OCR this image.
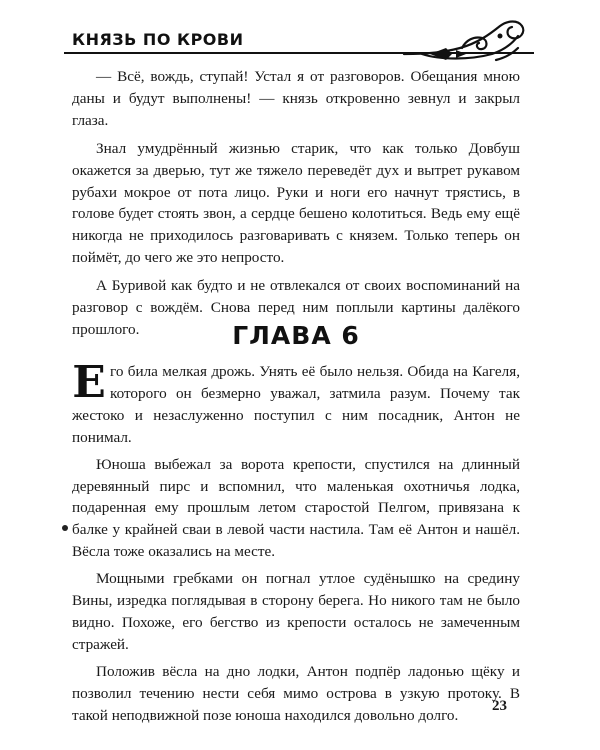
КНЯЗЬ ПО КРОВИ

— Всё, вождь, ступай! Устал я от разговоров. Обещания мною даны и будут выполнены! — князь откровенно зевнул и закрыл глаза.

Знал умудрённый жизнью старик, что как только Довбуш окажется за дверью, тут же тяжело переведёт дух и вытрет рукавом рубахи мокрое от пота лицо. Руки и ноги его начнут трястись, в голове будет стоять звон, а сердце бешено колотиться. Ведь ему ещё никогда не приходилось разговаривать с князем. Только теперь он поймёт, до чего же это непросто.

А Буривой как будто и не отвлекался от своих воспоминаний на разговор с вождём. Снова перед ним поплыли картины далёкого прошлого.	ГЛАВА 6

Его била мелкая дрожь. Унять её было нельзя. Обида на Кагеля, которого он безмерно уважал, затмила разум. Почему так жестоко и незаслуженно поступил с ним посадник, Антон не понимал.

Юноша выбежал за ворота крепости, спустился на длинный деревянный пирс и вспомнил, что маленькая охотничья лодка, подаренная ему прошлым летом старостой Пелгом, привязана к балке у крайней сваи в левой части настила. Там её Антон и нашёл. Вёсла тоже оказались на месте.

Мощными гребками он погнал утлое судёнышко на средину Вины, изредка поглядывая в сторону берега. Но никого там не было видно. Похоже, его бегство из крепости осталось не замеченным стражей.

Положив вёсла на дно лодки, Антон подпёр ладонью щёку и позволил течению нести себя мимо острова в узкую протоку. В такой неподвижной позе юноша находился довольно долго.

23
